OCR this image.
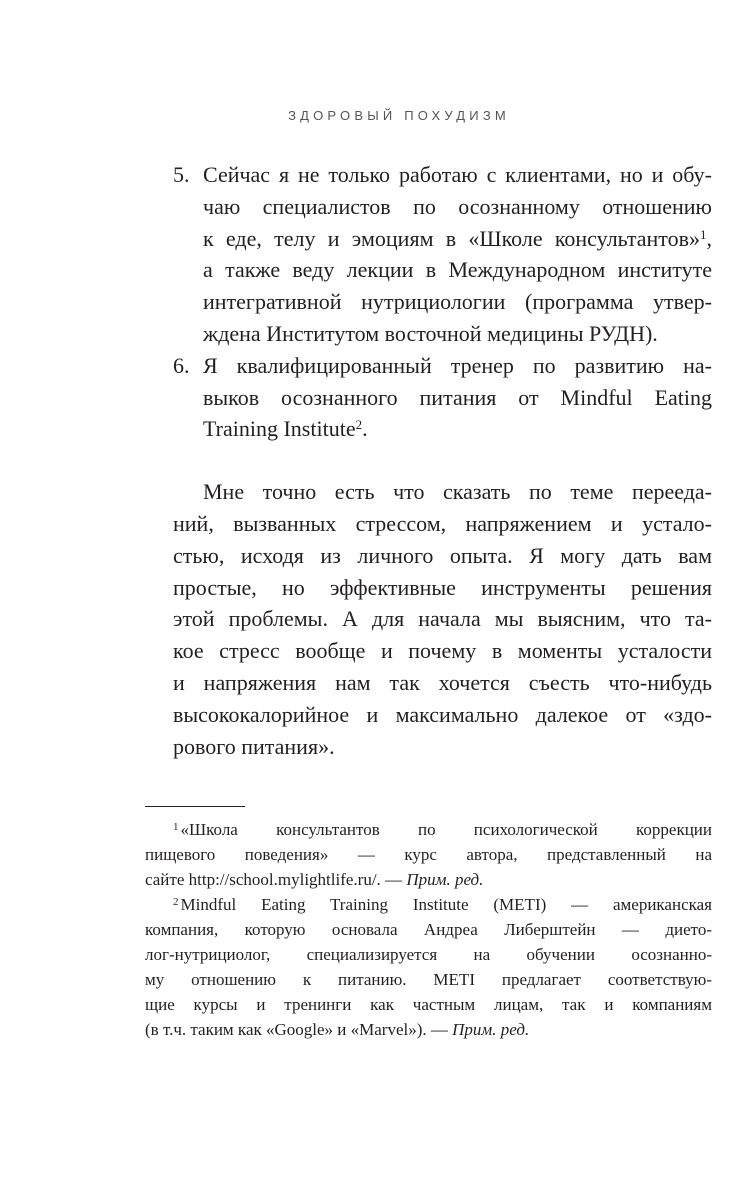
ЗДОРОВЫЙ ПОХУДИЗМ
5. Сейчас я не только работаю с клиентами, но и обу-
чаю специалистов по осознанному отношению
к еде, телу и эмоциям в «Школе консультантов»$^1$,
а также веду лекции в Международном институте
интегративной нутрициологии (программа утвер-
ждена Институтом восточной медицины РУДН).
6. Я квалифицированный тренер по развитию на-
выков осознанного питания от Mindful Eating
Training Institute$^2$.
Мне точно есть что сказать по теме переедa-
ний, вызванных стрессом, напряжением и устало-
стью, исходя из личного опыта. Я могу дать вам
простые, но эффективные инструменты решения
этой проблемы. А для начала мы выясним, что та-
кое стресс вообще и почему в моменты усталости
и напряжения нам так хочется съесть что-нибудь
высококалорийное и максимально далекое от «здо-
рового питания».
$^1$ «Школа консультантов по психологической коррекции
пищевого поведения» — курс автора, представленный на
сайте http://school.mylightlife.ru/. — Прим. ред.
$^2$ Mindful Eating Training Institute (METI) — американская
компания, которую основала Андреа Либерштейн — дието-
лог-нутрициолог, специализируется на обучении осознанно-
му отношению к питанию. METI предлагает соответствую-
щие курсы и тренинги как частным лицам, так и компаниям
(в т.ч. таким как «Google» и «Marvel»). — Прим. ред.
